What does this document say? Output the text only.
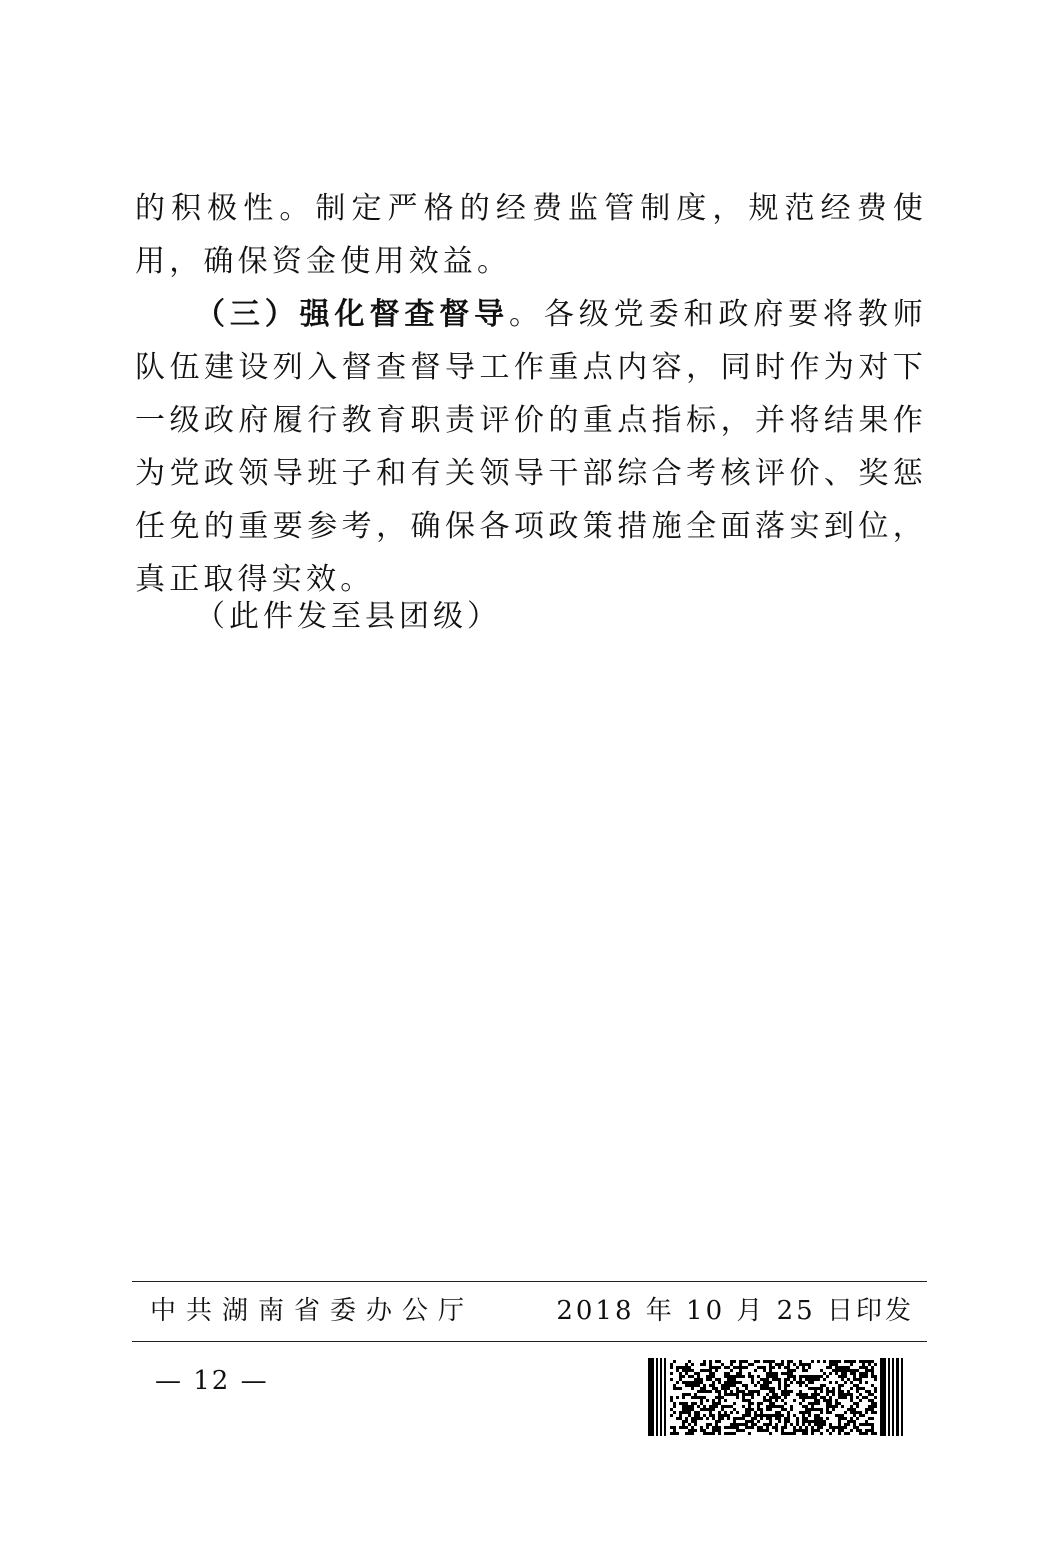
的积极性。制定严格的经费监管制度，规范经费使用，确保资金使用效益。

（三）强化督查督导。各级党委和政府要将教师队伍建设列入督查督导工作重点内容，同时作为对下一级政府履行教育职责评价的重点指标，并将结果作为党政领导班子和有关领导干部综合考核评价、奖惩任免的重要参考，确保各项政策措施全面落实到位，真正取得实效。

（此件发至县团级）
中共湖南省委办公厅	2018 年 10 月 25 日印发
— 12 —
